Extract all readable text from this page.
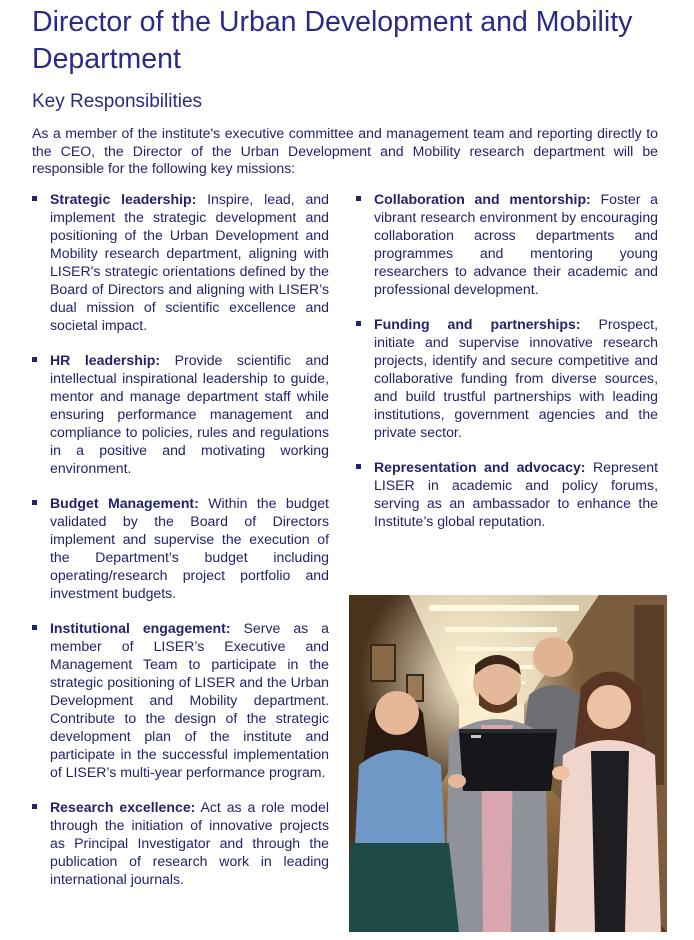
Director of the Urban Development and Mobility Department
Key Responsibilities

As a member of the institute's executive committee and management team and reporting directly to the CEO, the Director of the Urban Development and Mobility research department will be responsible for the following key missions:

Strategic leadership: Inspire, lead, and implement the strategic development and positioning of the Urban Development and Mobility research department, aligning with LISER's strategic orientations defined by the Board of Directors and aligning with LISER’s dual mission of scientific excellence and societal impact.
HR leadership: Provide scientific and intellectual inspirational leadership to guide, mentor and manage department staff while ensuring performance management and compliance to policies, rules and regulations in a positive and motivating working environment.
Budget Management: Within the budget validated by the Board of Directors implement and supervise the execution of the Department’s budget including operating/research project portfolio and investment budgets.
Institutional engagement: Serve as a member of LISER’s Executive and Management Team to participate in the strategic positioning of LISER and the Urban Development and Mobility department. Contribute to the design of the strategic development plan of the institute and participate in the successful implementation of LISER’s multi-year performance program.
Research excellence: Act as a role model through the initiation of innovative projects as Principal Investigator and through the publication of research work in leading international journals.
Collaboration and mentorship: Foster a vibrant research environment by encouraging collaboration across departments and programmes and mentoring young researchers to advance their academic and professional development.
Funding and partnerships: Prospect, initiate and supervise innovative research projects, identify and secure competitive and collaborative funding from diverse sources, and build trustful partnerships with leading institutions, government agencies and the private sector.
Representation and advocacy: Represent LISER in academic and policy forums, serving as an ambassador to enhance the Institute’s global reputation.
